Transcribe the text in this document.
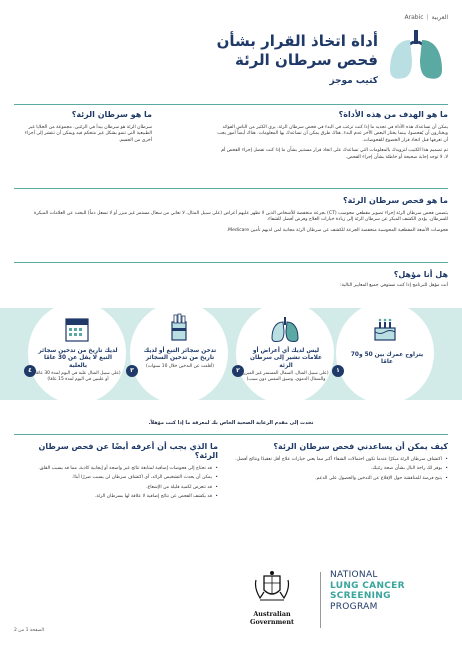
العربية|Arabic
أداة اتخاذ القرار بشأن
فحص سرطان الرئة
كتيب موجز
ما هو الهدف من هذه الأداة؟
يمكن أن تساعدك هذه الأداة في تحديد ما إذا كنت ترغب في البدء في فحص سرطان الرئة. يرى الكثير من الناس الفوائد ويختارون أن يُفحصوا، بينما يختار البعض الآخر عدم البدء. هناك طرق يمكن أن تساعدك بها المعلومات. هناك أيضاً أمور يجب أن تعرفها قبل اتخاذ قرار الخضوع للفحوصات.
تم تصميم هذا الكتيب لتزويدك بالمعلومات التي تساعدك على اتخاذ قرار مستنير بشأن ما إذا كنت تفضل إجراء الفحص أم لا. لا توجد إجابة صحيحة أو خاطئة بشأن إجراء الفحص.
ما هو سرطان الرئة؟
سرطان الرئة هو سرطان يبدأ في الرئتين. مجموعة من الخلايا غير الطبيعية التي تنمو بشكل غير متحكم فيه ويمكن أن تنتشر إلى أجزاء أخرى من الجسم.
ما هو فحص سرطان الرئة؟
يتضمن فحص سرطان الرئة إجراء تصوير مقطعي محوسب (CT) بجرعة منخفضة للأشخاص الذين لا تظهر عليهم أعراض (على سبيل المثال، لا تعاني من سعال مستمر غير مبرر أو لا تسعل دماً) للبحث عن العلامات المبكرة للسرطان. يؤدي الكشف المبكر عن سرطان الرئة إلى زيادة خيارات العلاج وفرص أفضل للشفاء.
فحوصات الأشعة المقطعية المحوسبة منخفضة الجرعة للكشف عن سرطان الرئة مجانية لمن لديهم تأمين Medicare.
هل أنا مؤهل؟
أنت مؤهل للبرنامج إذا كنت تستوفي جميع المعايير التالية:
١
٢
٣
٤
يتراوح عمرك بين 50 و70 عامًا
ليس لديك أي أعراض أو علامات تشير إلى سرطان الرئة
(على سبيل المثال، السعال المستمر غير المبرر والسعال الدموي، وضيق التنفس دون سبب)
تدخن سجائر التبغ أو لديك تاريخ من تدخين السجائر
(أقلعت عن التدخين خلال 10 سنوات)
لديك تاريخ من تدخين سجائر التبغ لا يقل عن 30 عامًا بالعلبة
(على سبيل المثال علبة في اليوم لمدة 30 عامًا أو علبتين في اليوم لمدة 15 عامًا)
تحدث إلى مقدم الرعاية الصحية الخاص بك لمعرفة ما إذا كنت مؤهلاً.
كيف يمكن أن يساعدني فحص سرطان الرئة؟
• اكتشاف سرطان الرئة مبكرًا عندما تكون احتمالات الشفاء أكبر مما يعني خيارات علاج أقل تعقيدًا ونتائج أفضل.
• يوفر لك راحة البال بشأن صحة رئتيك.
• يتيح فرصة للمناقشة حول الإقلاع عن التدخين والحصول على الدعم.
ما الذي يجب أن أعرفه أيضًا عن فحص سرطان الرئة؟
• قد تحتاج إلى فحوصات إضافية لمتابعة نتائج غير واضحة أو إيجابية كاذبة، مما قد يسبب القلق.
• يمكن أن يحدث التشخيص الزائد، أي اكتشاف سرطان لن يسبب ضررًا أبدًا.
• قد تتعرض لكمية قليلة من الإشعاع.
• قد يكشف الفحص عن نتائج إضافية لا علاقة لها بسرطان الرئة.
Australian Government
NATIONAL
LUNG CANCER
SCREENING
PROGRAM
الصفحة 1 من 2
